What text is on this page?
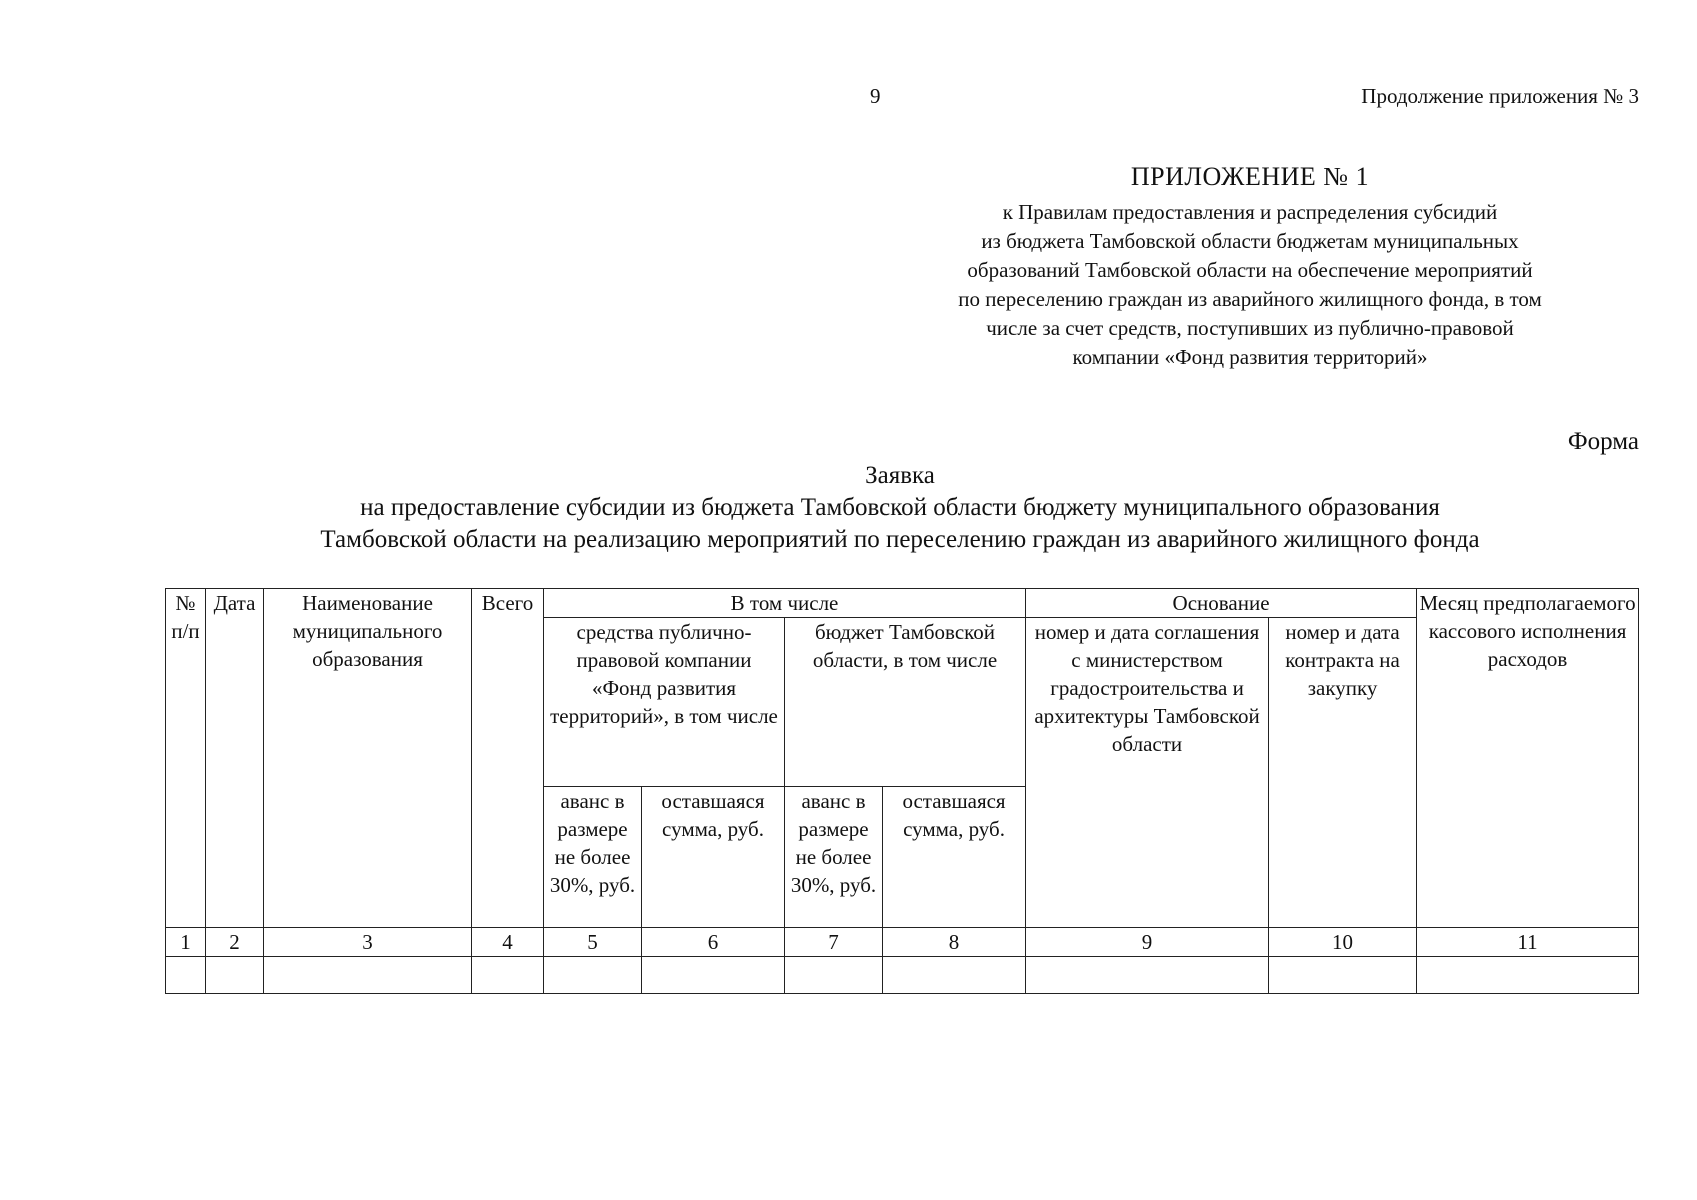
9	Продолжение приложения № 3
ПРИЛОЖЕНИЕ № 1
к Правилам предоставления и распределения субсидий
из бюджета Тамбовской области бюджетам муниципальных
образований Тамбовской области на обеспечение мероприятий
по переселению граждан из аварийного жилищного фонда, в том
числе за счет средств, поступивших из публично-правовой
компании «Фонд развития территорий»
Форма
Заявка
на предоставление субсидии из бюджета Тамбовской области бюджету муниципального образования
Тамбовской области на реализацию мероприятий по переселению граждан из аварийного жилищного фонда
№ п/п	Дата	Наименование муниципального образования	Всего	В том числе				Основание		Месяц предполагаемого кассового исполнения расходов
				средства публично-правовой компании «Фонд развития территорий», в том числе		бюджет Тамбовской области, в том числе		номер и дата соглашения с министерством градостроительства и архитектуры Тамбовской области	номер и дата контракта на закупку	
				аванс в размере не более 30%, руб.	оставшаяся сумма, руб.	аванс в размере не более 30%, руб.	оставшаяся сумма, руб.			
1	2	3	4	5	6	7	8	9	10	11
